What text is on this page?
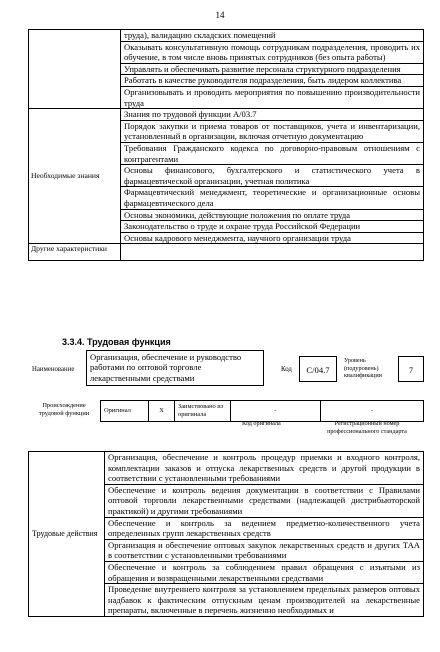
14
	труда), валидацию складских помещений
	Оказывать консультативную помощь сотрудникам подразделения, проводить их обучение, в том числе вновь принятых сотрудников (без опыта работы)
	Управлять и обеспечивать развитие персонала структурного подразделения
	Работать в качестве руководителя подразделения, быть лидером коллектива
	Организовывать и проводить мероприятия по повышению производительности труда
Необходимые знания	Знания по трудовой функции А/03.7
	Порядок закупки и приема товаров от поставщиков, учета и инвентаризации, установленный в организации, включая отчетную документацию
	Требования Гражданского кодекса по договорно-правовым отношениям с контрагентами
	Основы финансового, бухгалтерского и статистического учета в фармацевтической организации, учетная политика
	Фармацевтический менеджмент, теоретические и организационные основы фармацевтического дела
	Основы экономики, действующие положения по оплате труда
	Законодательство о труде и охране труда Российской Федерации
	Основы кадрового менеджмента, научного организации труда
Другие характеристики	
3.3.4. Трудовая функция
Наименование
Организация, обеспечение и руководство работами по оптовой торговле лекарственными средствами
Код	С/04.7
Уровень (подуровень) квалификации
7
Происхождение трудовой функции	Оригинал	Х	Заимствовано из оригинала	-	-
Код оригинала	Регистрационный номер профессионального стандарта
Трудовые действия	Организация, обеспечение и контроль процедур приемки и входного контроля, комплектации заказов и отпуска лекарственных средств и другой продукции в соответствии с установленными требованиями
Обеспечение и контроль ведения документации в соответствии с Правилами оптовой торговли лекарственными средствами (надлежащей дистрибьюторской практикой) и другими требованиями
Обеспечение и контроль за ведением предметно-количественного учета определенных групп лекарственных средств
Организация и обеспечение оптовых закупок лекарственных средств и других ТАА в соответствии с установленными требованиями
Обеспечение и контроль за соблюдением правил обращения с изъятыми из обращения и возвращенными лекарственными средствами
Проведение внутреннего контроля за установлением предельных размеров оптовых надбавок к фактическим отпускным ценам производителей на лекарственные препараты, включенные в перечень жизненно необходимых и
